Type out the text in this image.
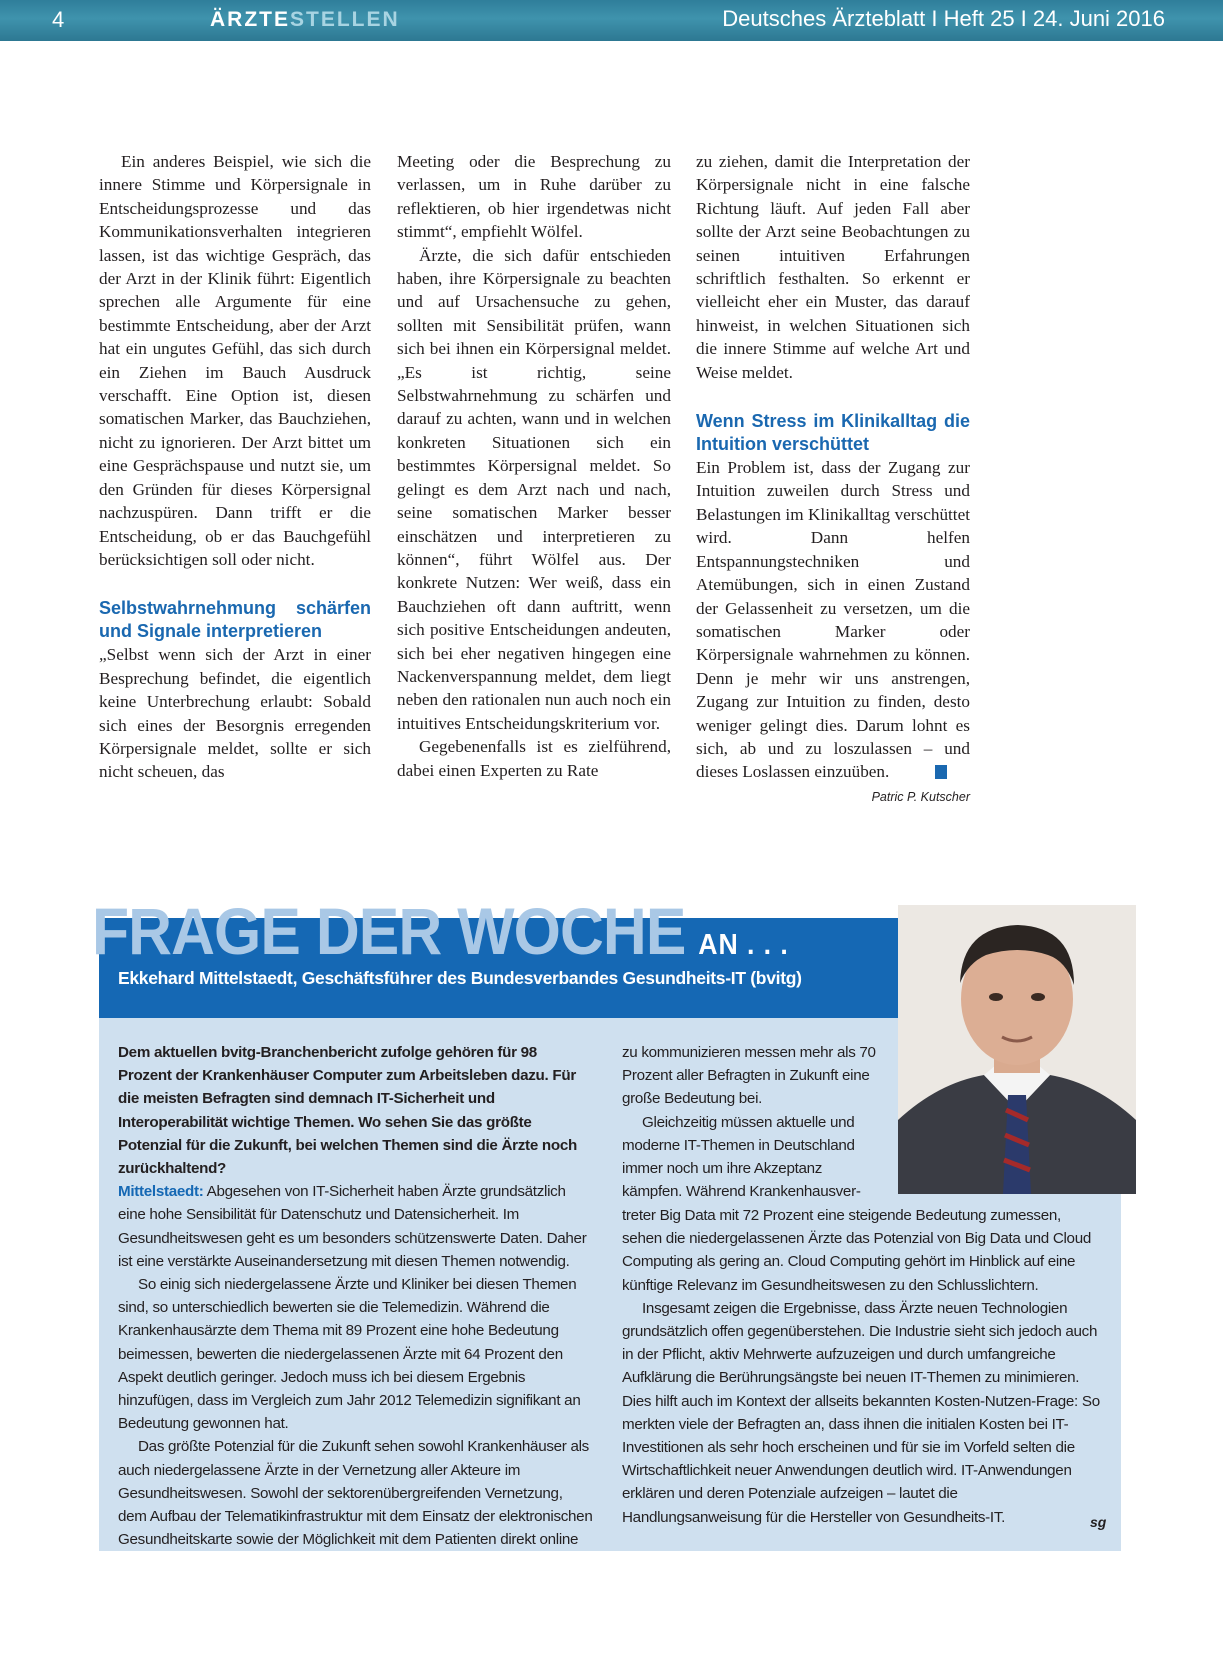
4	ÄRZTESTELLEN	Deutsches Ärzteblatt I Heft 25 I 24. Juni 2016

Ein anderes Beispiel, wie sich die innere Stimme und Körpersignale in Entscheidungsprozesse und das Kommunikationsverhalten integrieren lassen, ist das wichtige Gespräch, das der Arzt in der Klinik führt: Eigentlich sprechen alle Argumente für eine bestimmte Entscheidung, aber der Arzt hat ein ungutes Gefühl, das sich durch ein Ziehen im Bauch Ausdruck verschafft. Eine Option ist, diesen somatischen Marker, das Bauchziehen, nicht zu ignorieren. Der Arzt bittet um eine Gesprächspause und nutzt sie, um den Gründen für dieses Körpersignal nachzuspüren. Dann trifft er die Entscheidung, ob er das Bauchgefühl berücksichtigen soll oder nicht.

Selbstwahrnehmung schärfen und Signale interpretieren

„Selbst wenn sich der Arzt in einer Besprechung befindet, die eigentlich keine Unterbrechung erlaubt: Sobald sich eines der Besorgnis erregenden Körpersignale meldet, sollte er sich nicht scheuen, das

Meeting oder die Besprechung zu verlassen, um in Ruhe darüber zu reflektieren, ob hier irgendetwas nicht stimmt“, empfiehlt Wölfel.

Ärzte, die sich dafür entschieden haben, ihre Körpersignale zu beachten und auf Ursachensuche zu gehen, sollten mit Sensibilität prüfen, wann sich bei ihnen ein Körpersignal meldet. „Es ist richtig, seine Selbstwahrnehmung zu schärfen und darauf zu achten, wann und in welchen konkreten Situationen sich ein bestimmtes Körpersignal meldet. So gelingt es dem Arzt nach und nach, seine somatischen Marker besser einschätzen und interpretieren zu können“, führt Wölfel aus. Der konkrete Nutzen: Wer weiß, dass ein Bauchziehen oft dann auftritt, wenn sich positive Entscheidungen andeuten, sich bei eher negativen hingegen eine Nackenverspannung meldet, dem liegt neben den rationalen nun auch noch ein intuitives Entscheidungskriterium vor.

Gegebenenfalls ist es zielführend, dabei einen Experten zu Rate

zu ziehen, damit die Interpretation der Körpersignale nicht in eine falsche Richtung läuft. Auf jeden Fall aber sollte der Arzt seine Beobachtungen zu seinen intuitiven Erfahrungen schriftlich festhalten. So erkennt er vielleicht eher ein Muster, das darauf hinweist, in welchen Situationen sich die innere Stimme auf welche Art und Weise meldet.

Wenn Stress im Klinikalltag die Intuition verschüttet

Ein Problem ist, dass der Zugang zur Intuition zuweilen durch Stress und Belastungen im Klinikalltag verschüttet wird. Dann helfen Entspannungstechniken und Atemübungen, sich in einen Zustand der Gelassenheit zu versetzen, um die somatischen Marker oder Körpersignale wahrnehmen zu können. Denn je mehr wir uns anstrengen, Zugang zur Intuition zu finden, desto weniger gelingt dies. Darum lohnt es sich, ab und zu loszulassen – und dieses Loslassen einzuüben.

Patric P. Kutscher
FRAGE DER WOCHE AN . . .
Ekkehard Mittelstaedt, Geschäftsführer des Bundesverbandes Gesundheits-IT (bvitg)

Dem aktuellen bvitg-Branchenbericht zufolge gehören für 98 Prozent der Krankenhäuser Computer zum Arbeitsleben dazu. Für die meisten Befragten sind demnach IT-Sicherheit und Interoperabilität wichtige Themen. Wo sehen Sie das größte Potenzial für die Zukunft, bei welchen Themen sind die Ärzte noch zurückhaltend?

Mittelstaedt: Abgesehen von IT-Sicherheit haben Ärzte grundsätzlich eine hohe Sensibilität für Datenschutz und Datensicherheit. Im Gesundheitswesen geht es um besonders schützenswerte Daten. Daher ist eine verstärkte Auseinandersetzung mit diesen Themen notwendig.

So einig sich niedergelassene Ärzte und Kliniker bei diesen Themen sind, so unterschiedlich bewerten sie die Telemedizin. Während die Krankenhausärzte dem Thema mit 89 Prozent eine hohe Bedeutung beimessen, bewerten die niedergelassenen Ärzte mit 64 Prozent den Aspekt deutlich geringer. Jedoch muss ich bei diesem Ergebnis hinzufügen, dass im Vergleich zum Jahr 2012 Telemedizin signifikant an Bedeutung gewonnen hat.

Das größte Potenzial für die Zukunft sehen sowohl Krankenhäuser als auch niedergelassene Ärzte in der Vernetzung aller Akteure im Gesundheitswesen. Sowohl der sektorenübergreifenden Vernetzung, dem Aufbau der Telematikinfrastruktur mit dem Einsatz der elektronischen Gesundheitskarte sowie der Möglichkeit mit dem Patienten direkt online

zu kommunizieren messen mehr als 70 Prozent aller Befragten in Zukunft eine große Bedeutung bei.

Gleichzeitig müssen aktuelle und moderne IT-Themen in Deutschland immer noch um ihre Akzeptanz kämpfen. Während Krankenhausver-

treter Big Data mit 72 Prozent eine steigende Bedeutung zumessen, sehen die niedergelassenen Ärzte das Potenzial von Big Data und Cloud Computing als gering an. Cloud Computing gehört im Hinblick auf eine künftige Relevanz im Gesundheitswesen zu den Schlusslichtern.

Insgesamt zeigen die Ergebnisse, dass Ärzte neuen Technologien grundsätzlich offen gegenüberstehen. Die Industrie sieht sich jedoch auch in der Pflicht, aktiv Mehrwerte aufzuzeigen und durch umfangreiche Aufklärung die Berührungsängste bei neuen IT-Themen zu minimieren. Dies hilft auch im Kontext der allseits bekannten Kosten-Nutzen-Frage: So merkten viele der Befragten an, dass ihnen die initialen Kosten bei IT-Investitionen als sehr hoch erscheinen und für sie im Vorfeld selten die Wirtschaftlichkeit neuer Anwendungen deutlich wird. IT-Anwendungen erklären und deren Potenziale aufzeigen – lautet die Handlungsanweisung für die Hersteller von Gesundheits-IT.	sg
